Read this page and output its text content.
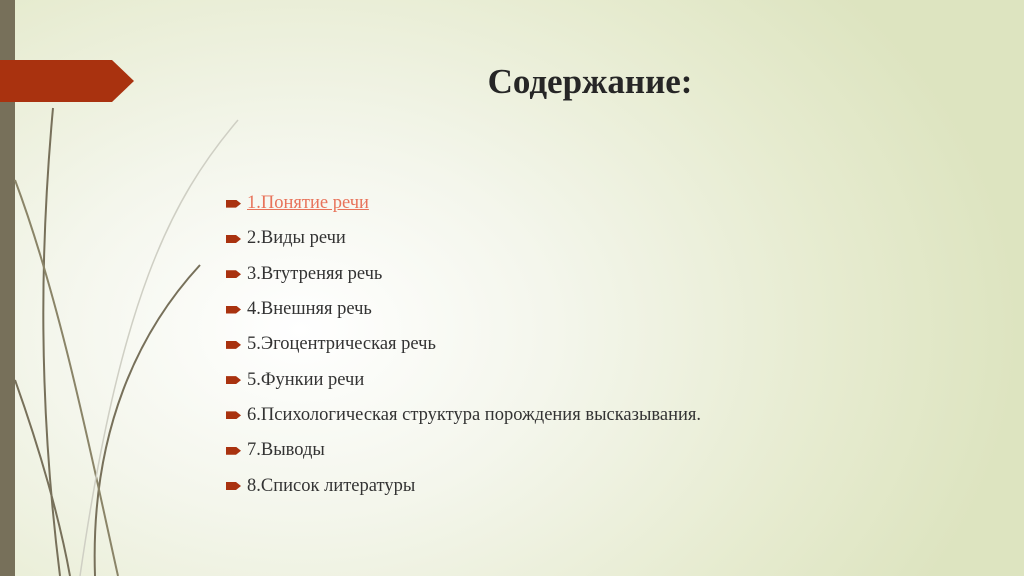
Содержание:
1.Понятие речи
2.Виды речи
3.Втутреняя речь
4.Внешняя речь
5.Эгоцентрическая речь
5.Функии речи
6.Психологическая структура порождения высказывания.
7.Выводы
8.Список литературы
